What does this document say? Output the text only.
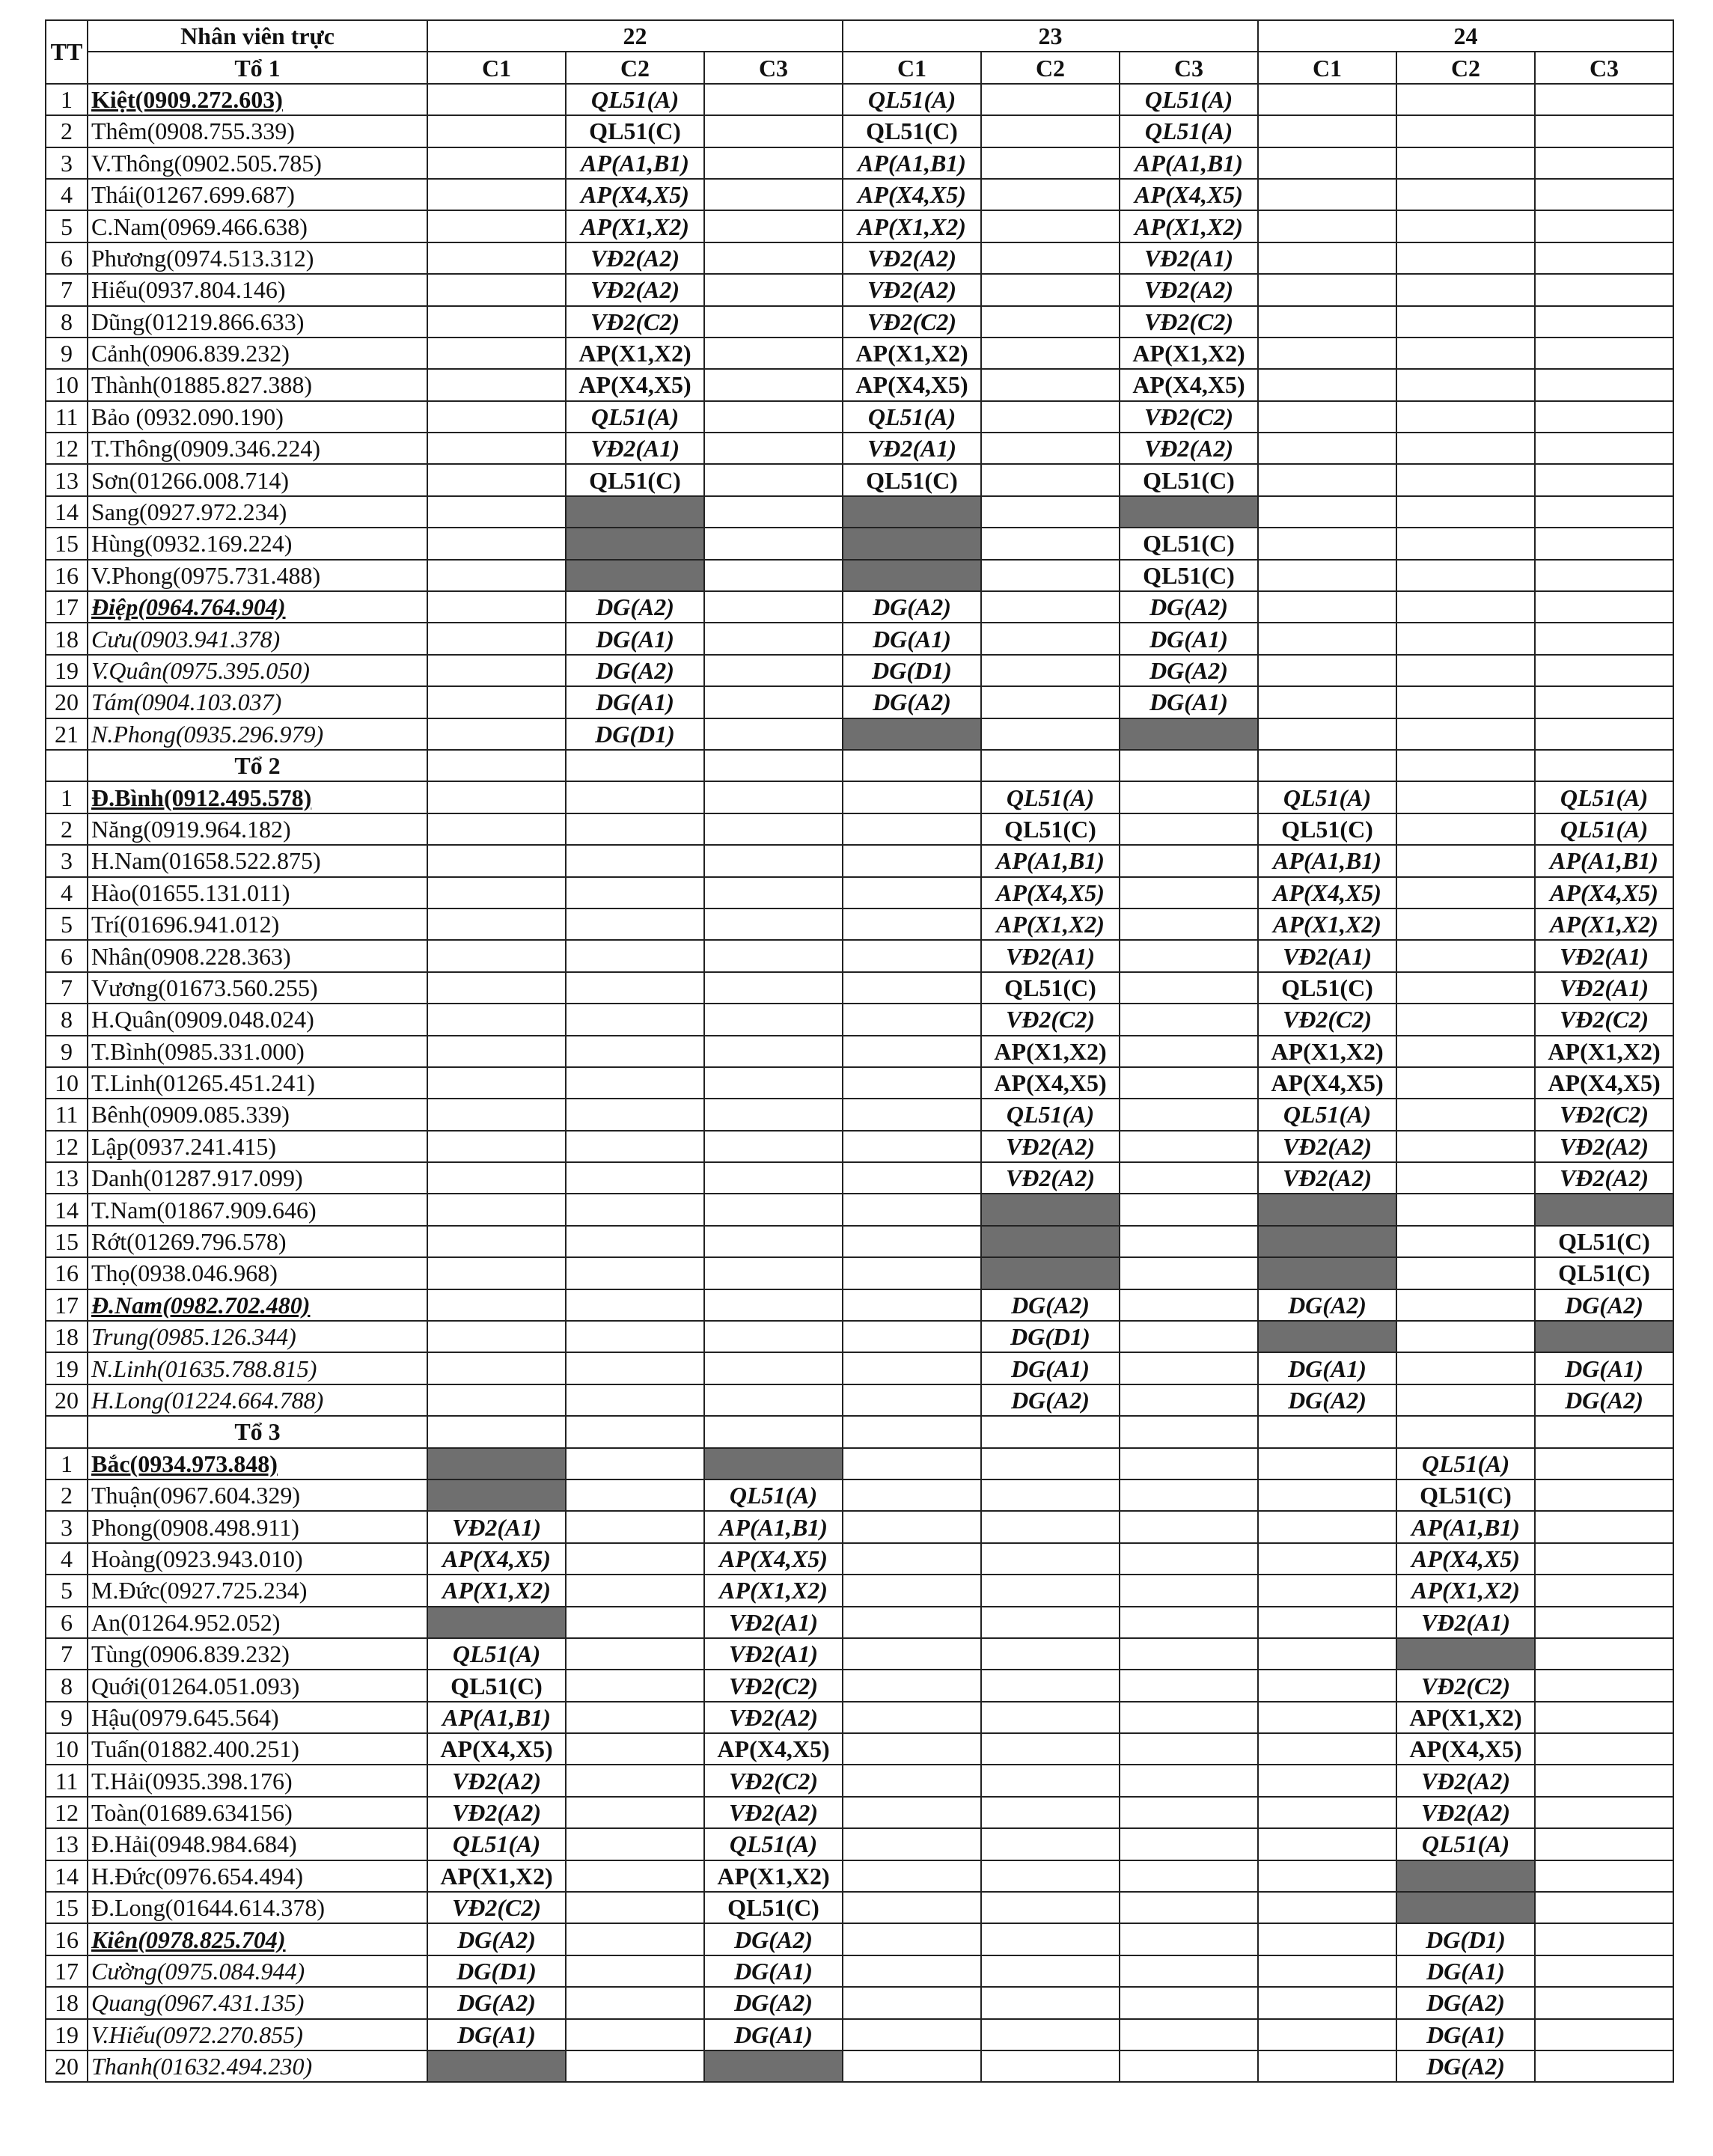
TT	Nhân viên trực	22			23			24		
	Tổ 1	C1	C2	C3	C1	C2	C3	C1	C2	C3
1	Kiệt(0909.272.603)		QL51(A)		QL51(A)		QL51(A)			
2	Thêm(0908.755.339)		QL51(C)		QL51(C)		QL51(A)			
3	V.Thông(0902.505.785)		AP(A1,B1)		AP(A1,B1)		AP(A1,B1)			
4	Thái(01267.699.687)		AP(X4,X5)		AP(X4,X5)		AP(X4,X5)			
5	C.Nam(0969.466.638)		AP(X1,X2)		AP(X1,X2)		AP(X1,X2)			
6	Phương(0974.513.312)		VĐ2(A2)		VĐ2(A2)		VĐ2(A1)			
7	Hiếu(0937.804.146)		VĐ2(A2)		VĐ2(A2)		VĐ2(A2)			
8	Dũng(01219.866.633)		VĐ2(C2)		VĐ2(C2)		VĐ2(C2)			
9	Cảnh(0906.839.232)		AP(X1,X2)		AP(X1,X2)		AP(X1,X2)			
10	Thành(01885.827.388)		AP(X4,X5)		AP(X4,X5)		AP(X4,X5)			
11	Bảo (0932.090.190)		QL51(A)		QL51(A)		VĐ2(C2)			
12	T.Thông(0909.346.224)		VĐ2(A1)		VĐ2(A1)		VĐ2(A2)			
13	Sơn(01266.008.714)		QL51(C)		QL51(C)		QL51(C)			
14	Sang(0927.972.234)									
15	Hùng(0932.169.224)						QL51(C)			
16	V.Phong(0975.731.488)						QL51(C)			
17	Điệp(0964.764.904)		DG(A2)		DG(A2)		DG(A2)			
18	Cưu(0903.941.378)		DG(A1)		DG(A1)		DG(A1)			
19	V.Quân(0975.395.050)		DG(A2)		DG(D1)		DG(A2)			
20	Tám(0904.103.037)		DG(A1)		DG(A2)		DG(A1)			
21	N.Phong(0935.296.979)		DG(D1)							
	Tổ 2									
1	Đ.Bình(0912.495.578)					QL51(A)		QL51(A)		QL51(A)
2	Năng(0919.964.182)					QL51(C)		QL51(C)		QL51(A)
3	H.Nam(01658.522.875)					AP(A1,B1)		AP(A1,B1)		AP(A1,B1)
4	Hào(01655.131.011)					AP(X4,X5)		AP(X4,X5)		AP(X4,X5)
5	Trí(01696.941.012)					AP(X1,X2)		AP(X1,X2)		AP(X1,X2)
6	Nhân(0908.228.363)					VĐ2(A1)		VĐ2(A1)		VĐ2(A1)
7	Vương(01673.560.255)					QL51(C)		QL51(C)		VĐ2(A1)
8	H.Quân(0909.048.024)					VĐ2(C2)		VĐ2(C2)		VĐ2(C2)
9	T.Bình(0985.331.000)					AP(X1,X2)		AP(X1,X2)		AP(X1,X2)
10	T.Linh(01265.451.241)					AP(X4,X5)		AP(X4,X5)		AP(X4,X5)
11	Bênh(0909.085.339)					QL51(A)		QL51(A)		VĐ2(C2)
12	Lập(0937.241.415)					VĐ2(A2)		VĐ2(A2)		VĐ2(A2)
13	Danh(01287.917.099)					VĐ2(A2)		VĐ2(A2)		VĐ2(A2)
14	T.Nam(01867.909.646)									
15	Rớt(01269.796.578)									QL51(C)
16	Thọ(0938.046.968)									QL51(C)
17	Đ.Nam(0982.702.480)					DG(A2)		DG(A2)		DG(A2)
18	Trung(0985.126.344)					DG(D1)				
19	N.Linh(01635.788.815)					DG(A1)		DG(A1)		DG(A1)
20	H.Long(01224.664.788)					DG(A2)		DG(A2)		DG(A2)
	Tổ 3									
1	Bắc(0934.973.848)								QL51(A)	
2	Thuận(0967.604.329)			QL51(A)					QL51(C)	
3	Phong(0908.498.911)	VĐ2(A1)		AP(A1,B1)					AP(A1,B1)	
4	Hoàng(0923.943.010)	AP(X4,X5)		AP(X4,X5)					AP(X4,X5)	
5	M.Đức(0927.725.234)	AP(X1,X2)		AP(X1,X2)					AP(X1,X2)	
6	An(01264.952.052)			VĐ2(A1)					VĐ2(A1)	
7	Tùng(0906.839.232)	QL51(A)		VĐ2(A1)						
8	Quới(01264.051.093)	QL51(C)		VĐ2(C2)					VĐ2(C2)	
9	Hậu(0979.645.564)	AP(A1,B1)		VĐ2(A2)					AP(X1,X2)	
10	Tuấn(01882.400.251)	AP(X4,X5)		AP(X4,X5)					AP(X4,X5)	
11	T.Hải(0935.398.176)	VĐ2(A2)		VĐ2(C2)					VĐ2(A2)	
12	Toàn(01689.634156)	VĐ2(A2)		VĐ2(A2)					VĐ2(A2)	
13	Đ.Hải(0948.984.684)	QL51(A)		QL51(A)					QL51(A)	
14	H.Đức(0976.654.494)	AP(X1,X2)		AP(X1,X2)						
15	Đ.Long(01644.614.378)	VĐ2(C2)		QL51(C)						
16	Kiên(0978.825.704)	DG(A2)		DG(A2)					DG(D1)	
17	Cường(0975.084.944)	DG(D1)		DG(A1)					DG(A1)	
18	Quang(0967.431.135)	DG(A2)		DG(A2)					DG(A2)	
19	V.Hiếu(0972.270.855)	DG(A1)		DG(A1)					DG(A1)	
20	Thanh(01632.494.230)								DG(A2)	
